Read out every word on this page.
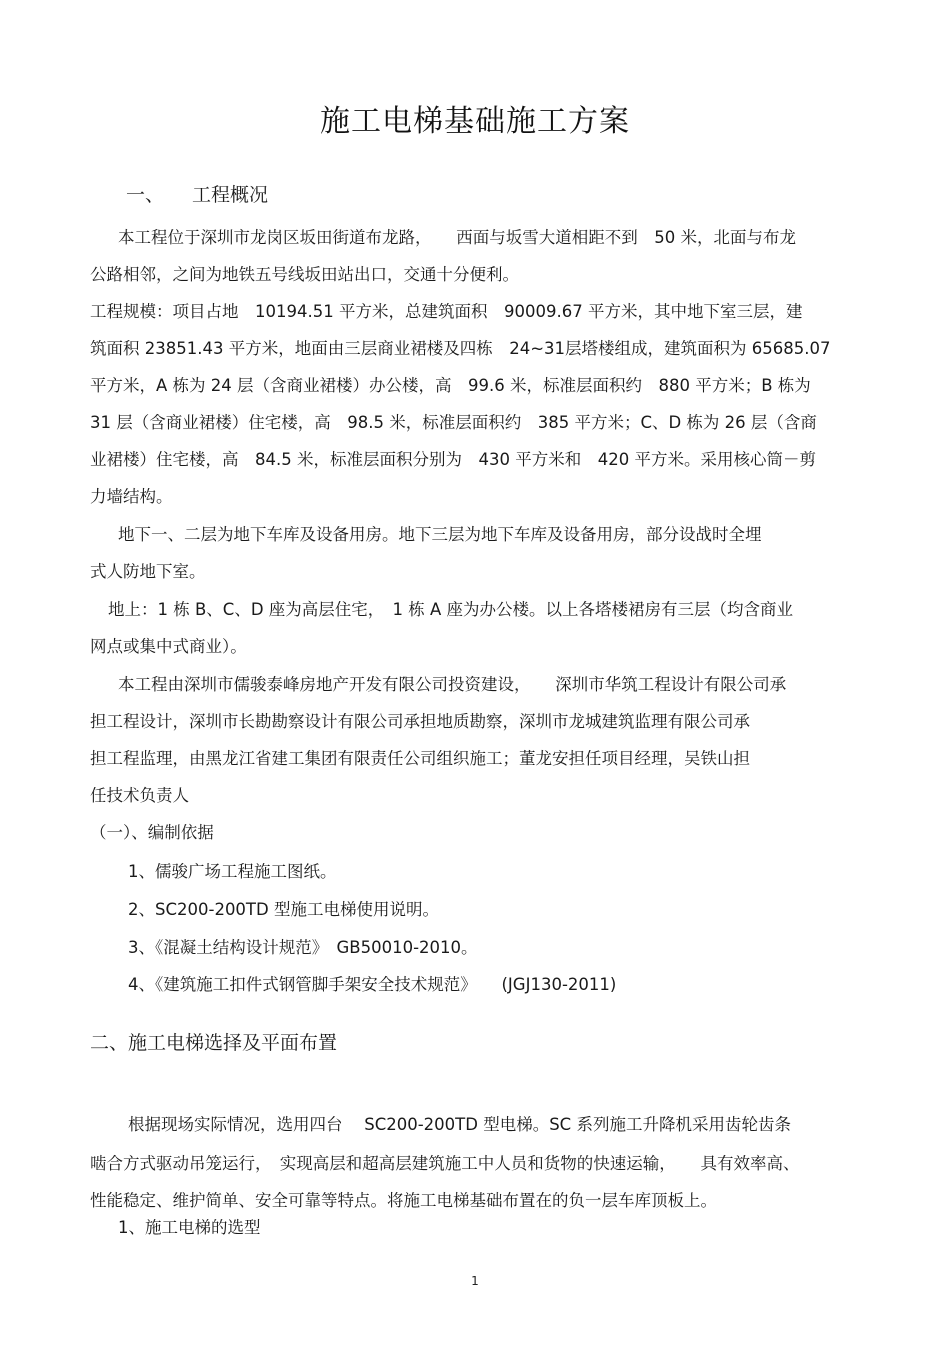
施工电梯基础施工方案
一、 工程概况
本工程位于深圳市龙岗区坂田街道布龙路，　　西面与坂雪大道相距不到　50 米，北面与布龙
公路相邻，之间为地铁五号线坂田站出口，交通十分便利。
工程规模：项目占地　10194.51 平方米，总建筑面积　90009.67 平方米，其中地下室三层，建
筑面积 23851.43 平方米，地面由三层商业裙楼及四栋　24~31层塔楼组成，建筑面积为 65685.07
平方米，A 栋为 24 层（含商业裙楼）办公楼，高　99.6 米，标准层面积约　880 平方米；B 栋为
31 层（含商业裙楼）住宅楼，高　98.5 米，标准层面积约　385 平方米；C、D 栋为 26 层（含商
业裙楼）住宅楼，高　84.5 米，标准层面积分别为　430 平方米和　420 平方米。采用核心筒－剪
力墙结构。
地下一、二层为地下车库及设备用房。地下三层为地下车库及设备用房，部分设战时全埋
式人防地下室。
地上：1 栋 B、C、D 座为高层住宅，　1 栋 A 座为办公楼。以上各塔楼裙房有三层（均含商业
网点或集中式商业）。
本工程由深圳市儒骏泰峰房地产开发有限公司投资建设，　　深圳市华筑工程设计有限公司承
担工程设计，深圳市长勘勘察设计有限公司承担地质勘察，深圳市龙城建筑监理有限公司承
担工程监理，由黑龙江省建工集团有限责任公司组织施工；董龙安担任项目经理，吴铁山担
任技术负责人
（一）、编制依据
1、儒骏广场工程施工图纸。
2、SC200-200TD 型施工电梯使用说明。
3、《混凝土结构设计规范》　GB50010-2010。
4、《建筑施工扣件式钢管脚手架安全技术规范》　　(JGJ130-2011)
二、施工电梯选择及平面布置
根据现场实际情况，选用四台　 SC200-200TD 型电梯。SC 系列施工升降机采用齿轮齿条
啮合方式驱动吊笼运行，　实现高层和超高层建筑施工中人员和货物的快速运输，　　具有效率高、
性能稳定、维护简单、安全可靠等特点。将施工电梯基础布置在的负一层车库顶板上。
1、施工电梯的选型
1
